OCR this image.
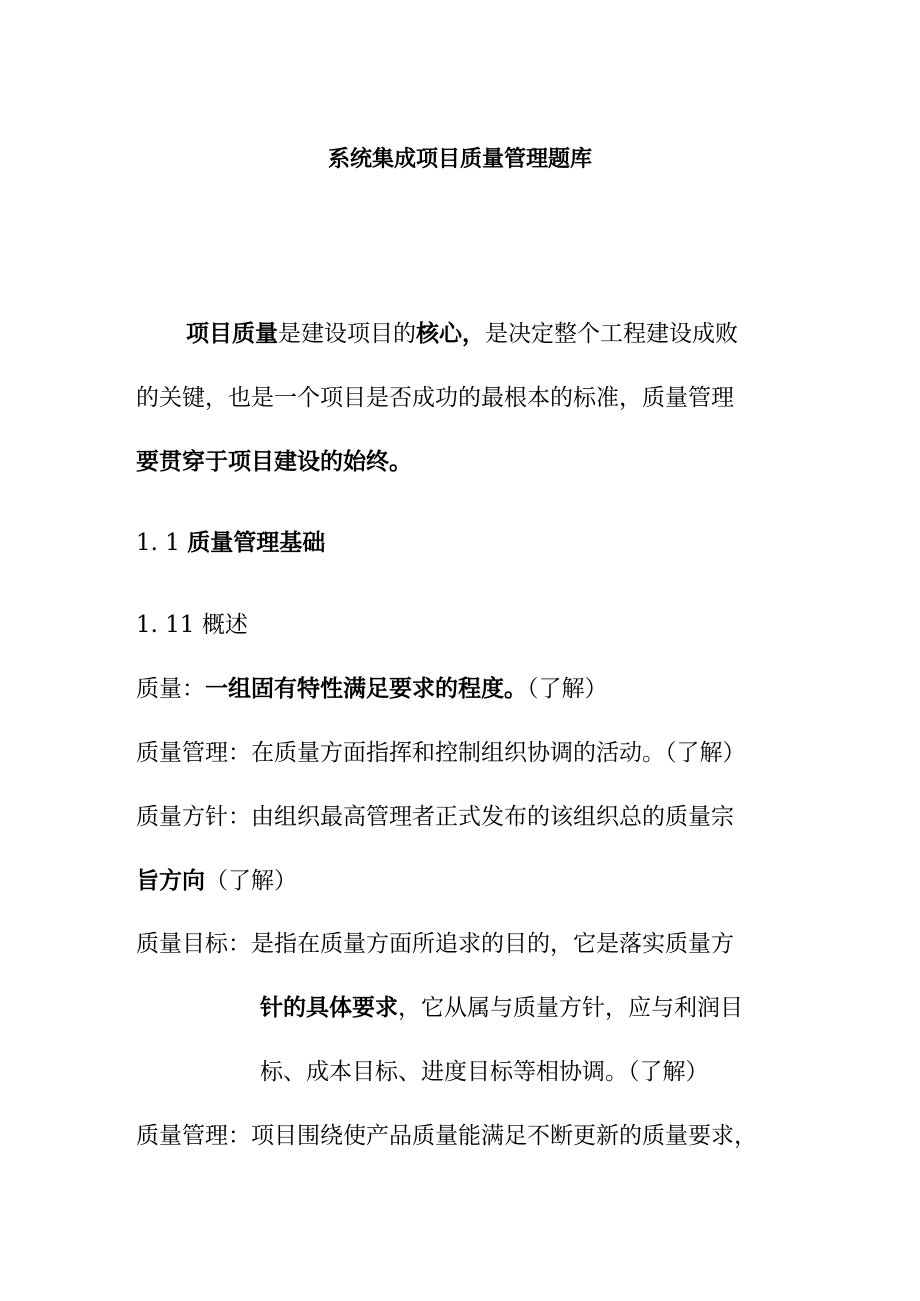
系统集成项目质量管理题库
项目质量是建设项目的核心，是决定整个工程建设成败
的关键，也是一个项目是否成功的最根本的标准，质量管理
要贯穿于项目建设的始终。
1. 1 质量管理基础
1. 11 概述
质量：一组固有特性满足要求的程度。（了解）
质量管理：在质量方面指挥和控制组织协调的活动。（了解）
质量方针：由组织最高管理者正式发布的该组织总的质量宗
旨方向（了解）
质量目标：是指在质量方面所追求的目的，它是落实质量方
针的具体要求，它从属与质量方针，应与利润目
标、成本目标、进度目标等相协调。（了解）
质量管理：项目围绕使产品质量能满足不断更新的质量要求，
